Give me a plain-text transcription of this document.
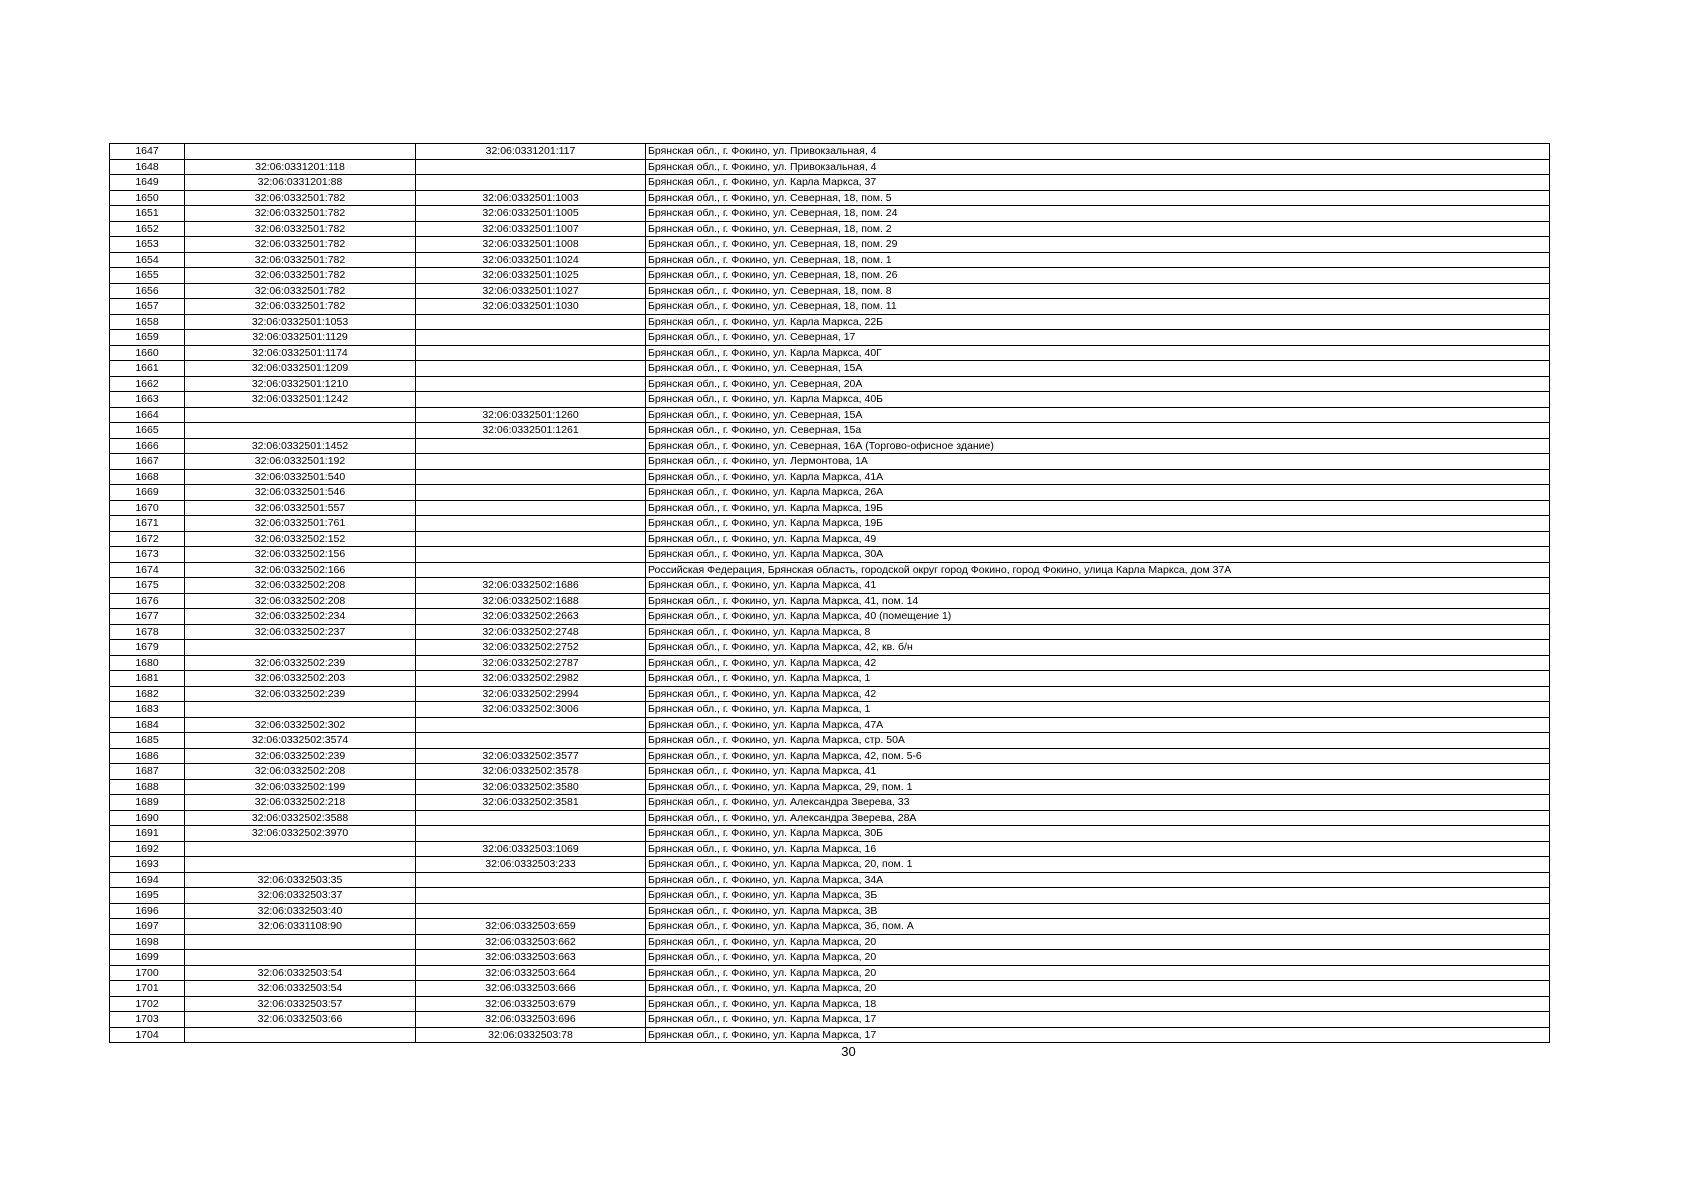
1647		32:06:0331201:117	Брянская обл., г. Фокино, ул. Привокзальная, 4
1648	32:06:0331201:118		Брянская обл., г. Фокино, ул. Привокзальная, 4
1649	32:06:0331201:88		Брянская обл., г. Фокино, ул. Карла Маркса, 37
1650	32:06:0332501:782	32:06:0332501:1003	Брянская обл., г. Фокино, ул. Северная, 18, пом. 5
1651	32:06:0332501:782	32:06:0332501:1005	Брянская обл., г. Фокино, ул. Северная, 18, пом. 24
1652	32:06:0332501:782	32:06:0332501:1007	Брянская обл., г. Фокино, ул. Северная, 18, пом. 2
1653	32:06:0332501:782	32:06:0332501:1008	Брянская обл., г. Фокино, ул. Северная, 18, пом. 29
1654	32:06:0332501:782	32:06:0332501:1024	Брянская обл., г. Фокино, ул. Северная, 18, пом. 1
1655	32:06:0332501:782	32:06:0332501:1025	Брянская обл., г. Фокино, ул. Северная, 18, пом. 26
1656	32:06:0332501:782	32:06:0332501:1027	Брянская обл., г. Фокино, ул. Северная, 18, пом. 8
1657	32:06:0332501:782	32:06:0332501:1030	Брянская обл., г. Фокино, ул. Северная, 18, пом. 11
1658	32:06:0332501:1053		Брянская обл., г. Фокино, ул. Карла Маркса, 22Б
1659	32:06:0332501:1129		Брянская обл., г. Фокино, ул. Северная, 17
1660	32:06:0332501:1174		Брянская обл., г. Фокино, ул. Карла Маркса, 40Г
1661	32:06:0332501:1209		Брянская обл., г. Фокино, ул. Северная, 15А
1662	32:06:0332501:1210		Брянская обл., г. Фокино, ул. Северная, 20А
1663	32:06:0332501:1242		Брянская обл., г. Фокино, ул. Карла Маркса, 40Б
1664		32:06:0332501:1260	Брянская обл., г. Фокино, ул. Северная, 15А
1665		32:06:0332501:1261	Брянская обл., г. Фокино, ул. Северная, 15а
1666	32:06:0332501:1452		Брянская обл., г. Фокино, ул. Северная, 16А (Торгово-офисное здание)
1667	32:06:0332501:192		Брянская обл., г. Фокино, ул. Лермонтова, 1А
1668	32:06:0332501:540		Брянская обл., г. Фокино, ул. Карла Маркса, 41А
1669	32:06:0332501:546		Брянская обл., г. Фокино, ул. Карла Маркса, 26А
1670	32:06:0332501:557		Брянская обл., г. Фокино, ул. Карла Маркса, 19Б
1671	32:06:0332501:761		Брянская обл., г. Фокино, ул. Карла Маркса, 19Б
1672	32:06:0332502:152		Брянская обл., г. Фокино, ул. Карла Маркса, 49
1673	32:06:0332502:156		Брянская обл., г. Фокино, ул. Карла Маркса, 30А
1674	32:06:0332502:166		Российская Федерация, Брянская область, городской округ город Фокино, город Фокино, улица Карла Маркса, дом 37А
1675	32:06:0332502:208	32:06:0332502:1686	Брянская обл., г. Фокино, ул. Карла Маркса, 41
1676	32:06:0332502:208	32:06:0332502:1688	Брянская обл., г. Фокино, ул. Карла Маркса, 41, пом. 14
1677	32:06:0332502:234	32:06:0332502:2663	Брянская обл., г. Фокино, ул. Карла Маркса, 40 (помещение 1)
1678	32:06:0332502:237	32:06:0332502:2748	Брянская обл., г. Фокино, ул. Карла Маркса, 8
1679		32:06:0332502:2752	Брянская обл., г. Фокино, ул. Карла Маркса, 42, кв. б/н
1680	32:06:0332502:239	32:06:0332502:2787	Брянская обл., г. Фокино, ул. Карла Маркса, 42
1681	32:06:0332502:203	32:06:0332502:2982	Брянская обл., г. Фокино, ул. Карла Маркса, 1
1682	32:06:0332502:239	32:06:0332502:2994	Брянская обл., г. Фокино, ул. Карла Маркса, 42
1683		32:06:0332502:3006	Брянская обл., г. Фокино, ул. Карла Маркса, 1
1684	32:06:0332502:302		Брянская обл., г. Фокино, ул. Карла Маркса, 47А
1685	32:06:0332502:3574		Брянская обл., г. Фокино, ул. Карла Маркса, стр. 50А
1686	32:06:0332502:239	32:06:0332502:3577	Брянская обл., г. Фокино, ул. Карла Маркса, 42, пом. 5-6
1687	32:06:0332502:208	32:06:0332502:3578	Брянская обл., г. Фокино, ул. Карла Маркса, 41
1688	32:06:0332502:199	32:06:0332502:3580	Брянская обл., г. Фокино, ул. Карла Маркса, 29, пом. 1
1689	32:06:0332502:218	32:06:0332502:3581	Брянская обл., г. Фокино, ул. Александра Зверева, 33
1690	32:06:0332502:3588		Брянская обл., г. Фокино, ул. Александра Зверева, 28А
1691	32:06:0332502:3970		Брянская обл., г. Фокино, ул. Карла Маркса, 30Б
1692		32:06:0332503:1069	Брянская обл., г. Фокино, ул. Карла Маркса, 16
1693		32:06:0332503:233	Брянская обл., г. Фокино, ул. Карла Маркса, 20, пом. 1
1694	32:06:0332503:35		Брянская обл., г. Фокино, ул. Карла Маркса, 34А
1695	32:06:0332503:37		Брянская обл., г. Фокино, ул. Карла Маркса, 3Б
1696	32:06:0332503:40		Брянская обл., г. Фокино, ул. Карла Маркса, 3В
1697	32:06:0331108:90	32:06:0332503:659	Брянская обл., г. Фокино, ул. Карла Маркса, 3б, пом. А
1698		32:06:0332503:662	Брянская обл., г. Фокино, ул. Карла Маркса, 20
1699		32:06:0332503:663	Брянская обл., г. Фокино, ул. Карла Маркса, 20
1700	32:06:0332503:54	32:06:0332503:664	Брянская обл., г. Фокино, ул. Карла Маркса, 20
1701	32:06:0332503:54	32:06:0332503:666	Брянская обл., г. Фокино, ул. Карла Маркса, 20
1702	32:06:0332503:57	32:06:0332503:679	Брянская обл., г. Фокино, ул. Карла Маркса, 18
1703	32:06:0332503:66	32:06:0332503:696	Брянская обл., г. Фокино, ул. Карла Маркса, 17
1704		32:06:0332503:78	Брянская обл., г. Фокино, ул. Карла Маркса, 17
30
